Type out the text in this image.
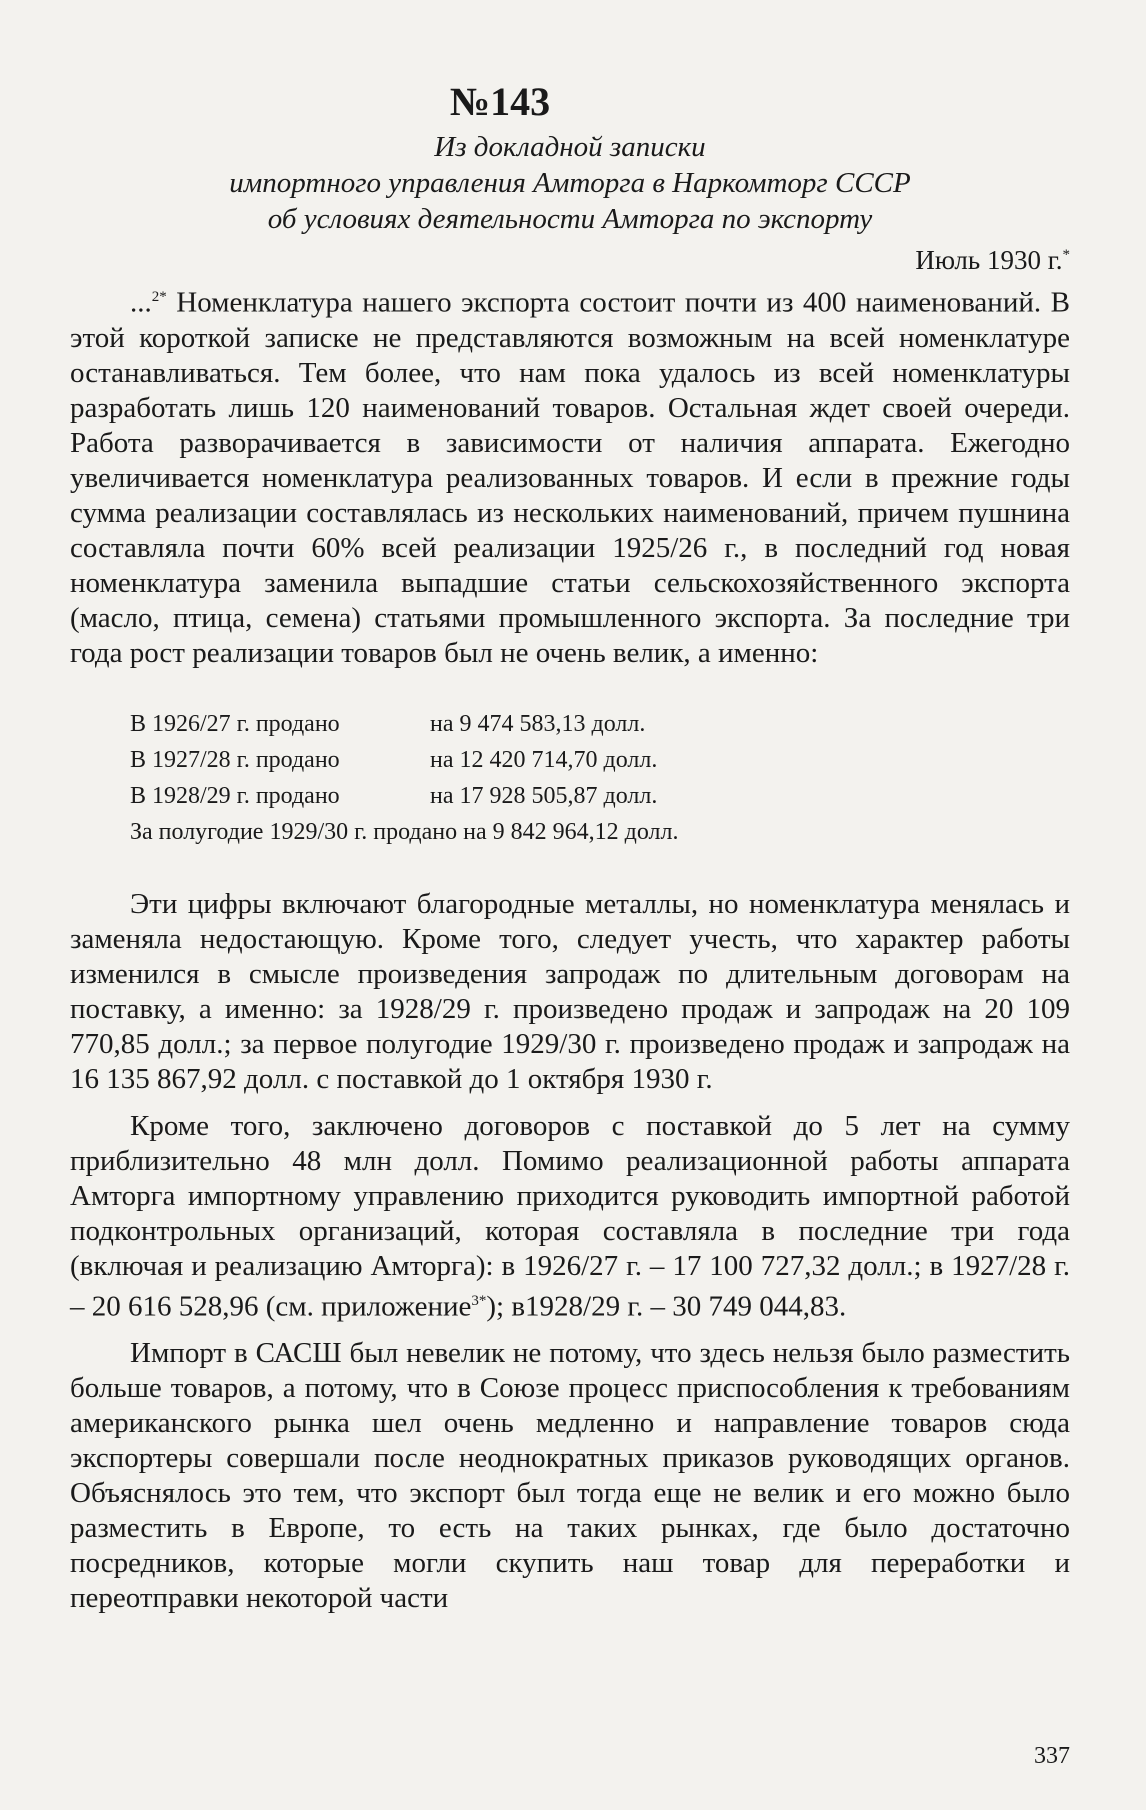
№143
Из докладной записки
импортного управления Амторга в Наркомторг СССР
об условиях деятельности Амторга по экспорту
Июль 1930 г.*

...$^{2*}$ Номенклатура нашего экспорта состоит почти из 400 наименований. В этой короткой записке не представляются возможным на всей номенклатуре останавливаться. Тем более, что нам пока удалось из всей номенклатуры разработать лишь 120 наименований товаров. Остальная ждет своей очереди. Работа разворачивается в зависимости от наличия аппарата. Ежегодно увеличивается номенклатура реализованных товаров. И если в прежние годы сумма реализации составлялась из нескольких наименований, причем пушнина составляла почти 60% всей реализации 1925/26 г., в последний год новая номенклатура заменила выпадшие статьи сельскохозяйственного экспорта (масло, птица, семена) статьями промышленного экспорта. За последние три года рост реализации товаров был не очень велик, а именно:

В 1926/27 г. продано	на 9 474 583,13 долл.
В 1927/28 г. продано	на 12 420 714,70 долл.
В 1928/29 г. продано	на 17 928 505,87 долл.
За полугодие 1929/30 г. продано на 9 842 964,12 долл.

Эти цифры включают благородные металлы, но номенклатура менялась и заменяла недостающую. Кроме того, следует учесть, что характер работы изменился в смысле произведения запродаж по длительным договорам на поставку, а именно: за 1928/29 г. произведено продаж и запродаж на 20 109 770,85 долл.; за первое полугодие 1929/30 г. произведено продаж и запродаж на 16 135 867,92 долл. с поставкой до 1 октября 1930 г.

Кроме того, заключено договоров с поставкой до 5 лет на сумму приблизительно 48 млн долл. Помимо реализационной работы аппарата Амторга импортному управлению приходится руководить импортной работой подконтрольных организаций, которая составляла в последние три года (включая и реализацию Амторга): в 1926/27 г. – 17 100 727,32 долл.; в 1927/28 г. – 20 616 528,96 (см. приложение$^{3*}$); в1928/29 г. – 30 749 044,83.

Импорт в САСШ был невелик не потому, что здесь нельзя было разместить больше товаров, а потому, что в Союзе процесс приспособления к требованиям американского рынка шел очень медленно и направление товаров сюда экспортеры совершали после неоднократных приказов руководящих органов. Объяснялось это тем, что экспорт был тогда еще не велик и его можно было разместить в Европе, то есть на таких рынках, где было достаточно посредников, которые могли скупить наш товар для переработки и переотправки некоторой части

337
